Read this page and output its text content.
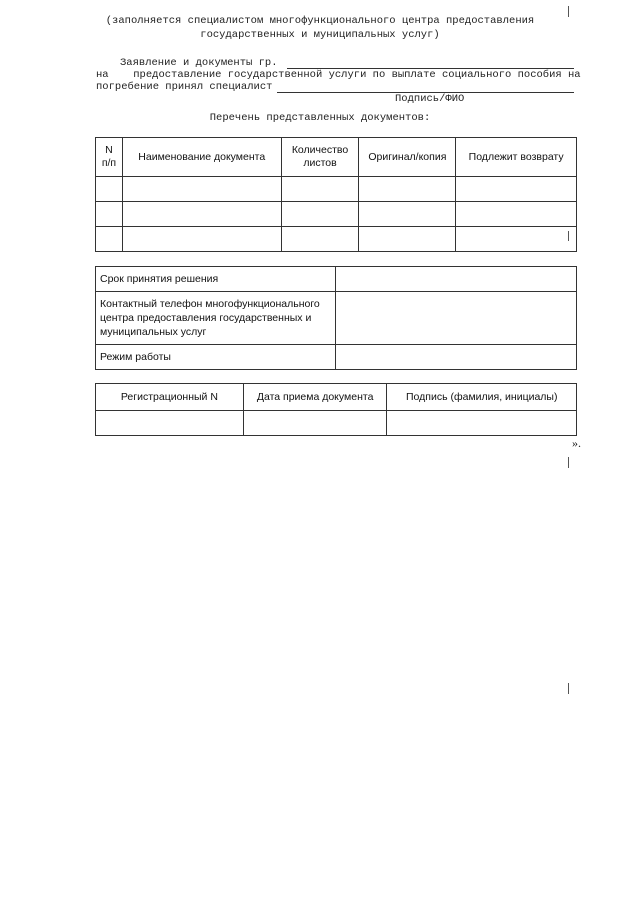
(заполняется специалистом многофункционального центра предоставления
государственных и муниципальных услуг)
Заявление и документы гр.
на предоставление государственной услуги по выплате социального пособия на
погребение принял специалист
Подпись/ФИО
Перечень представленных документов:
N п/п	Наименование документа	Количество листов	Оригинал/копия	Подлежит возврату

Срок принятия решения	
Контактный телефон многофункционального центра предоставления государственных и муниципальных услуг	
Режим работы	
Регистрационный N	Дата приема документа	Подпись (фамилия, инициалы)

».
